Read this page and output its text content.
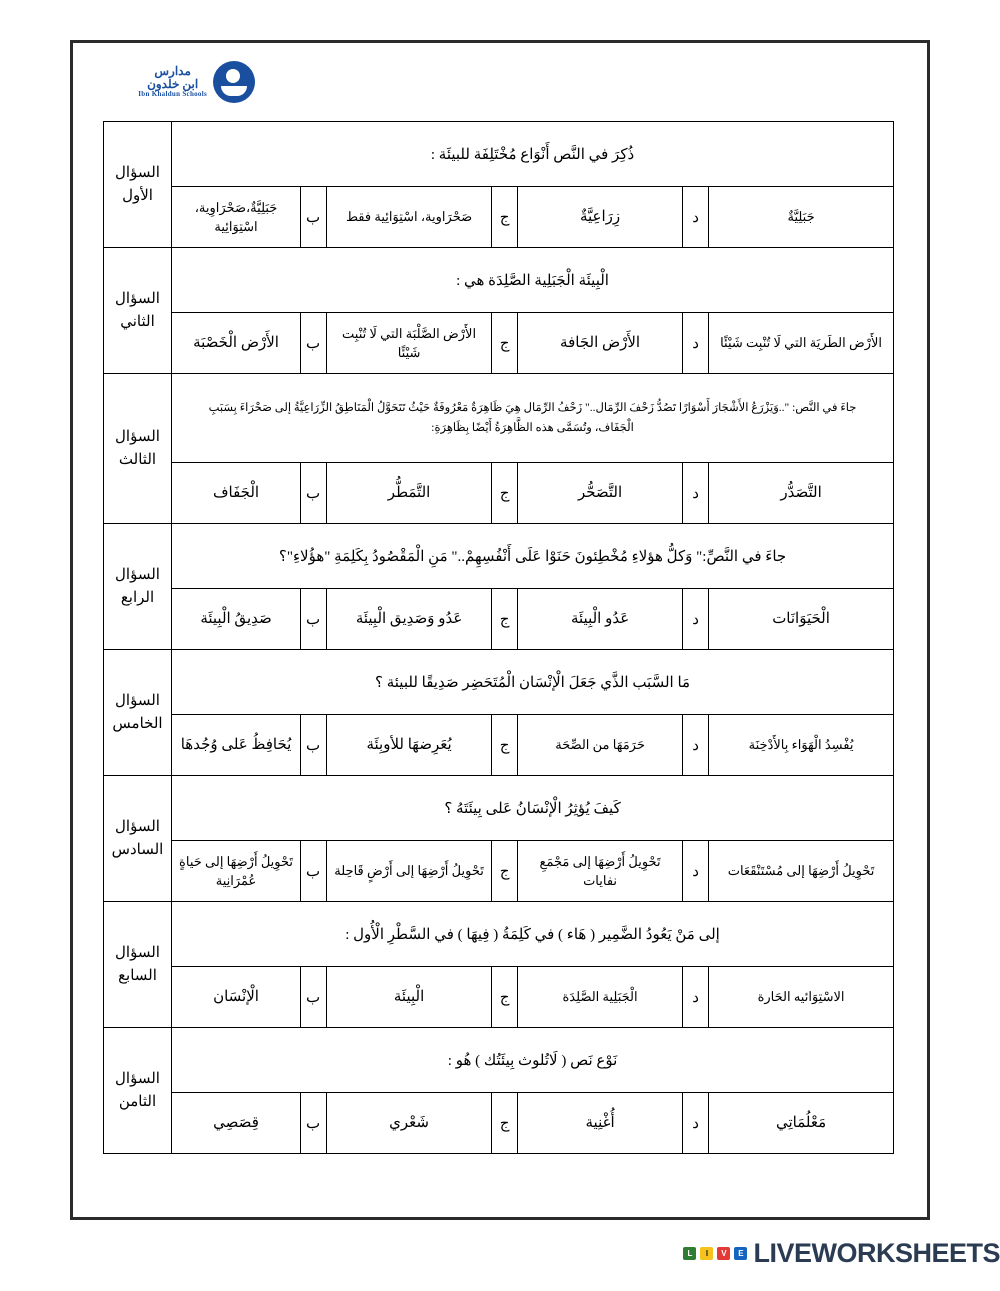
مدارس
ابن خلدون
Ibn Khaldun Schools
ذُكِرَ في النَّص أَنْوَاع مُخْتَلِفَة للبيئَة :							السؤال الأول
جَبَلِيَّةٌ	د	زِرَاعِيَّةٌ	ج	صَحْرَاوية، اسْتِوَائِية فقط	ب	جَبَلِيَّةٌ،صَحْرَاوِية، اسْتِوَائِية	
الْبِيئَة الْجَبَلِية الصَّلِدَة هي :							السؤال الثاني
الأَرْض الطَريَة التي لَا تُنْبِت شَيْئًا	د	الأَرْض الجَافة	ج	الأَرْض الصَّلْبَة التي لَا تُنْبِت شَيْئًا	ب	الأَرْض الْخَصْبَة	
جاءَ في النَّص: "..وَيَزْرَعُ الأَشْجَارَ أَسْوَارًا تَصُدُّ زَحْفَ الرِّمَال.." زَحْفُ الرِّمَال هِيَ ظَاهِرَةٌ مَعْرُوفَةٌ حَيْثُ تَتَحَوَّلُ الْمَنَاطِقُ الزِّرَاعِيَّةُ إلى صَحْرَاءَ بِسَبَبِ الْجَفَاف، وتُسَمَّى هذه الظَّاهِرَةُ أَيْضًا بِظَاهِرَةِ:							السؤال الثالث
التَّصَدُّر	د	التَّصَحُّر	ج	التَّمَطُّر	ب	الْجَفَاف	
جاءَ في النَّصِّ:" وَكلُّ هؤلاءِ مُخْطِئونَ حَنَوْا عَلَى أَنْفُسِهِمْ.." مَنِ الْمَقْصُودُ بِكَلِمَةِ "هؤُلاءِ"؟							السؤال الرابع
الْحَيَوَانَات	د	عَدُو الْبِيئَة	ج	عَدُو وَصَدِيق الْبِيئَة	ب	صَدِيقُ الْبِيئَة	
مَا السَّبَب الذَّي جَعَلَ الْإنْسَان الْمُتَحَضِر صَدِيقًا للبيئة ؟							السؤال الخامس
يُفْسِدُ الْهَوَاء بِالأَدْخِنَة	د	حَرَمَهَا من الصِّحَة	ج	يُعَرِضهَا للأوبِئَة	ب	يُحَافِظُ عَلى وُجُدهَا	
كَيفَ يُؤثِرُ الْإنْسَانُ عَلى بِيئَتَهُ ؟							السؤال السادس
تَحْوِيلُ أَرْضِهَا إلى مُسْتَنْقَعَات	د	تَحْوِيلُ أَرْضِهَا إلى مَجْمَعِ نفايات	ج	تَحْوِيلُ أَرْضِهَا إلى أَرْضٍ قَاحِلة	ب	تَحْوِيلُ أَرْضِهَا إلى حَياةٍ عُمْرَانِية	
إلى مَنْ يَعُودُ الضَّمِير ( هَاء ) في كَلِمَةُ ( فِيهَا ) في السَّطْرِ الْأُول :							السؤال السابع
الاسْتِوَائيه الحَارة	د	الْجَبَلِية الصَّلِدَة	ج	الْبِيئَة	ب	الْإنْسَان	
نَوْع نَص ( لَاتُلوث بِيئَتُك ) هُو :							السؤال الثامن
مَعْلُمَاتِي	د	أُغْنِية	ج	شَعْري	ب	قِصَصِي	
L	I	V	E LIVEWORKSHEETS
